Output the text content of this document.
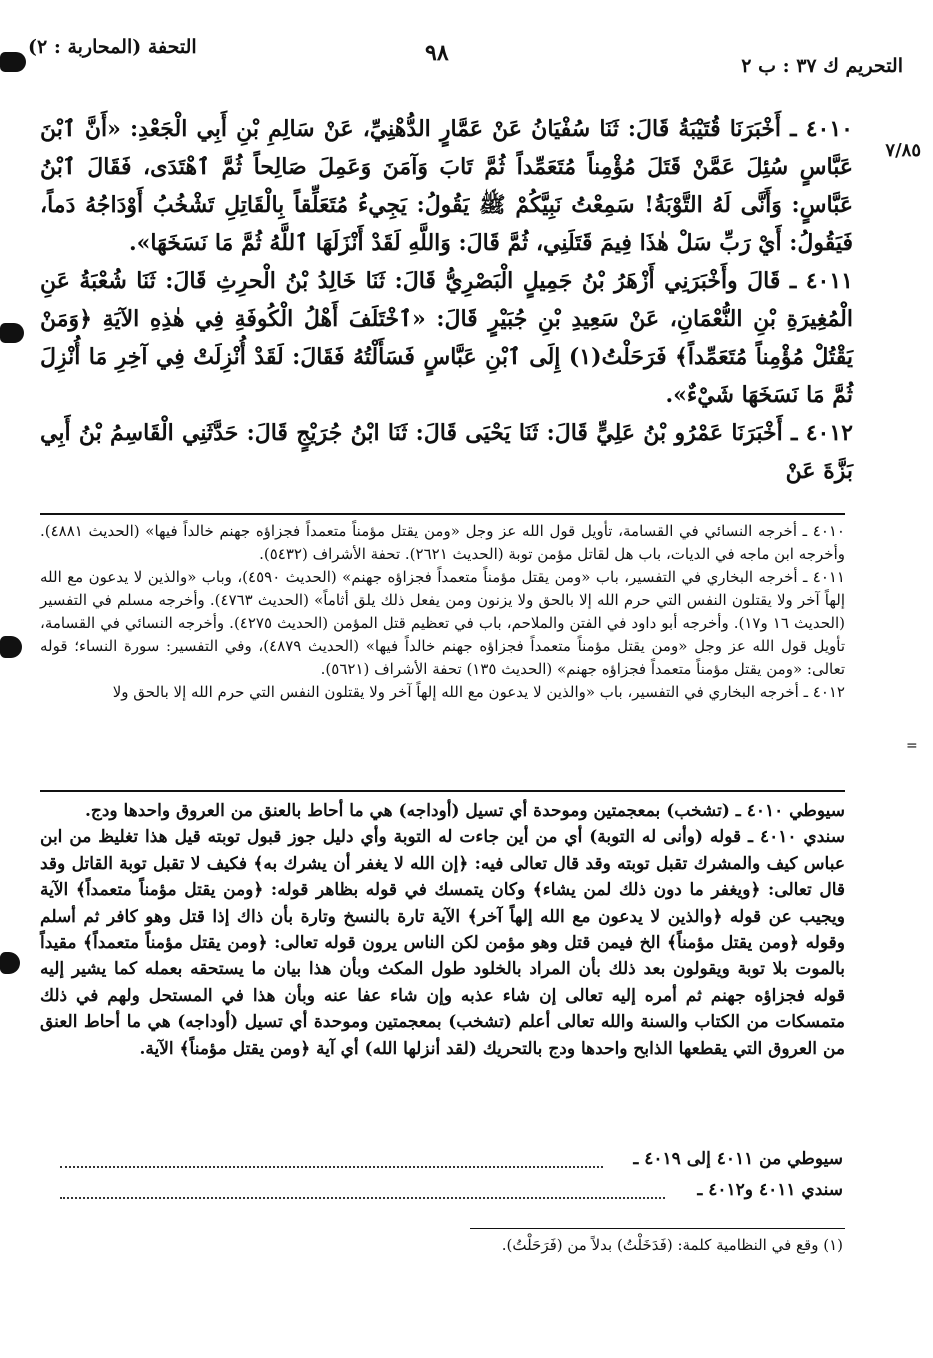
التحفة (المحاربة : ٢)	٩٨	التحريم ك ٣٧ : ب ٢
٧/٨٥

٤٠١٠ ـ أَخْبَرَنَا قُتَيْبَةُ قَالَ: ثَنَا سُفْيَانُ عَنْ عَمَّارٍ الدُّهْنِيِّ، عَنْ سَالِمِ بْنِ أَبِي الْجَعْدِ: «أَنَّ ٱبْنَ عَبَّاسٍ سُئِلَ عَمَّنْ قَتَلَ مُؤْمِناً مُتَعَمِّداً ثُمَّ تَابَ وَآمَنَ وَعَمِلَ صَالِحاً ثُمَّ ٱهْتَدَى، فَقَالَ ٱبْنُ عَبَّاسٍ: وَأَنَّى لَهُ التَّوْبَةُ! سَمِعْتُ نَبِيَّكُمْ ﷺ يَقُولُ: يَجِيءُ مُتَعَلِّقاً بِالْقَاتِلِ تَشْخُبُ أَوْدَاجُهُ دَماً، فَيَقُولُ: أَيْ رَبِّ سَلْ هٰذَا فِيمَ قَتَلَنِي، ثُمَّ قَالَ: وَاللَّهِ لَقَدْ أَنْزَلَهَا ٱللَّهُ ثُمَّ مَا نَسَخَهَا».

٤٠١١ ـ قَالَ وأَخْبَرَنِي أَزْهَرُ بْنُ جَمِيلٍ الْبَصْرِيُّ قَالَ: ثَنَا خَالِدُ بْنُ الْحرِثِ قَالَ: ثَنَا شُعْبَةُ عَنِ الْمُغِيرَةِ بْنِ النُّعْمَانِ، عَنْ سَعِيدِ بْنِ جُبَيْرٍ قَالَ: «ٱخْتَلَفَ أَهْلُ الْكُوفَةِ فِي هٰذِهِ الآيَةِ ﴿وَمَنْ يَقْتُلْ مُؤْمِناً مُتَعَمِّداً﴾ فَرَحَلْتُ(١) إِلَى ٱبْنِ عَبَّاسٍ فَسَأَلْتُهُ فَقَالَ: لَقَدْ أُنْزِلَتْ فِي آخِرِ مَا أُنْزِلَ ثُمَّ مَا نَسَخَهَا شَيْءٌ».

٤٠١٢ ـ أَخْبَرَنَا عَمْرُو بْنُ عَلِيٍّ قَالَ: ثَنَا يَحْيَى قَالَ: ثَنَا ابْنُ جُرَيْجٍ قَالَ: حَدَّثَنِي الْقَاسِمُ بْنُ أَبِي بَزَّةَ عَنْ

٤٠١٠ ـ أخرجه النسائي في القسامة، تأويل قول الله عز وجل «ومن يقتل مؤمناً متعمداً فجزاؤه جهنم خالداً فيها» (الحديث ٤٨٨١). وأخرجه ابن ماجه في الديات، باب هل لقاتل مؤمن توبة (الحديث ٢٦٢١). تحفة الأشراف (٥٤٣٢).

٤٠١١ ـ أخرجه البخاري في التفسير، باب «ومن يقتل مؤمناً متعمداً فجزاؤه جهنم» (الحديث ٤٥٩٠)، وباب «والذين لا يدعون مع الله إلهاً آخر ولا يقتلون النفس التي حرم الله إلا بالحق ولا يزنون ومن يفعل ذلك يلق أثاماً» (الحديث ٤٧٦٣). وأخرجه مسلم في التفسير (الحديث ١٦ و١٧). وأخرجه أبو داود في الفتن والملاحم، باب في تعظيم قتل المؤمن (الحديث ٤٢٧٥). وأخرجه النسائي في القسامة، تأويل قول الله عز وجل «ومن يقتل مؤمناً متعمداً فجزاؤه جهنم خالداً فيها» (الحديث ٤٨٧٩)، وفي التفسير: سورة النساء؛ قوله تعالى: «ومن يقتل مؤمناً متعمداً فجزاؤه جهنم» (الحديث ١٣٥) تحفة الأشراف (٥٦٢١).

٤٠١٢ ـ أخرجه البخاري في التفسير، باب «والذين لا يدعون مع الله إلهاً آخر ولا يقتلون النفس التي حرم الله إلا بالحق ولا

سيوطي ٤٠١٠ ـ (تشخب) بمعجمتين وموحدة أي تسيل (أوداجه) هي ما أحاط بالعنق من العروق واحدها ودج.

سندي ٤٠١٠ ـ قوله (وأنى له التوبة) أي من أين جاءت له التوبة وأي دليل جوز قبول توبته قيل هذا تغليظ من ابن عباس كيف والمشرك تقبل توبته وقد قال تعالى فيه: ﴿إن الله لا يغفر أن يشرك به﴾ فكيف لا تقبل توبة القاتل وقد قال تعالى: ﴿ويغفر ما دون ذلك لمن يشاء﴾ وكان يتمسك في قوله بظاهر قوله: ﴿ومن يقتل مؤمناً متعمداً﴾ الآية ويجيب عن قوله ﴿والذين لا يدعون مع الله إلهاً آخر﴾ الآية تارة بالنسخ وتارة بأن ذاك إذا قتل وهو كافر ثم أسلم وقوله ﴿ومن يقتل مؤمناً﴾ الخ فيمن قتل وهو مؤمن لكن الناس يرون قوله تعالى: ﴿ومن يقتل مؤمناً متعمداً﴾ مقيداً بالموت بلا توبة ويقولون بعد ذلك بأن المراد بالخلود طول المكث وبأن هذا بيان ما يستحقه بعمله كما يشير إليه قوله فجزاؤه جهنم ثم أمره إليه تعالى إن شاء عذبه وإن شاء عفا عنه وبأن هذا في المستحل ولهم في ذلك متمسكات من الكتاب والسنة والله تعالى أعلم (تشخب) بمعجمتين وموحدة أي تسيل (أوداجه) هي ما أحاط العنق من العروق التي يقطعها الذابح واحدها ودج بالتحريك (لقد أنزلها الله) أي آية ﴿ومن يقتل مؤمناً﴾ الآية.

سيوطي من ٤٠١١ إلى ٤٠١٩ ـ
سندي ٤٠١١ و٤٠١٢ ـ
(١) وقع في النظامية كلمة: (فَدَخَلْتُ) بدلاً من (فَرَحَلْتُ).
=
